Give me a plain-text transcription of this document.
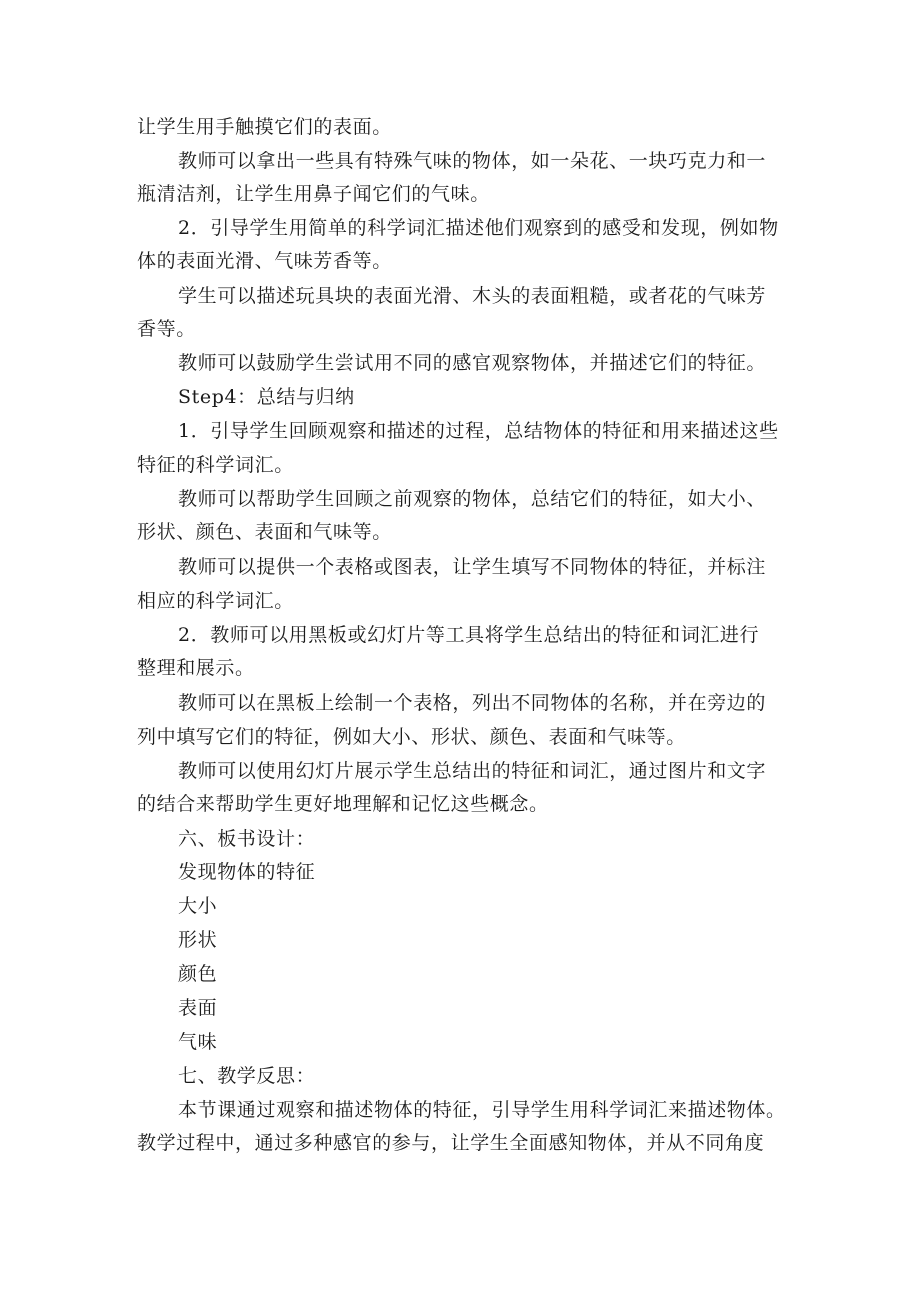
让学生用手触摸它们的表面。
教师可以拿出一些具有特殊气味的物体，如一朵花、一块巧克力和一
瓶清洁剂，让学生用鼻子闻它们的气味。
2．引导学生用简单的科学词汇描述他们观察到的感受和发现，例如物
体的表面光滑、气味芳香等。
学生可以描述玩具块的表面光滑、木头的表面粗糙，或者花的气味芳
香等。
教师可以鼓励学生尝试用不同的感官观察物体，并描述它们的特征。
Step4：总结与归纳
1．引导学生回顾观察和描述的过程，总结物体的特征和用来描述这些
特征的科学词汇。
教师可以帮助学生回顾之前观察的物体，总结它们的特征，如大小、
形状、颜色、表面和气味等。
教师可以提供一个表格或图表，让学生填写不同物体的特征，并标注
相应的科学词汇。
2．教师可以用黑板或幻灯片等工具将学生总结出的特征和词汇进行
整理和展示。
教师可以在黑板上绘制一个表格，列出不同物体的名称，并在旁边的
列中填写它们的特征，例如大小、形状、颜色、表面和气味等。
教师可以使用幻灯片展示学生总结出的特征和词汇，通过图片和文字
的结合来帮助学生更好地理解和记忆这些概念。
六、板书设计：
发现物体的特征
大小
形状
颜色
表面
气味
七、教学反思：
本节课通过观察和描述物体的特征，引导学生用科学词汇来描述物体。
教学过程中，通过多种感官的参与，让学生全面感知物体，并从不同角度
